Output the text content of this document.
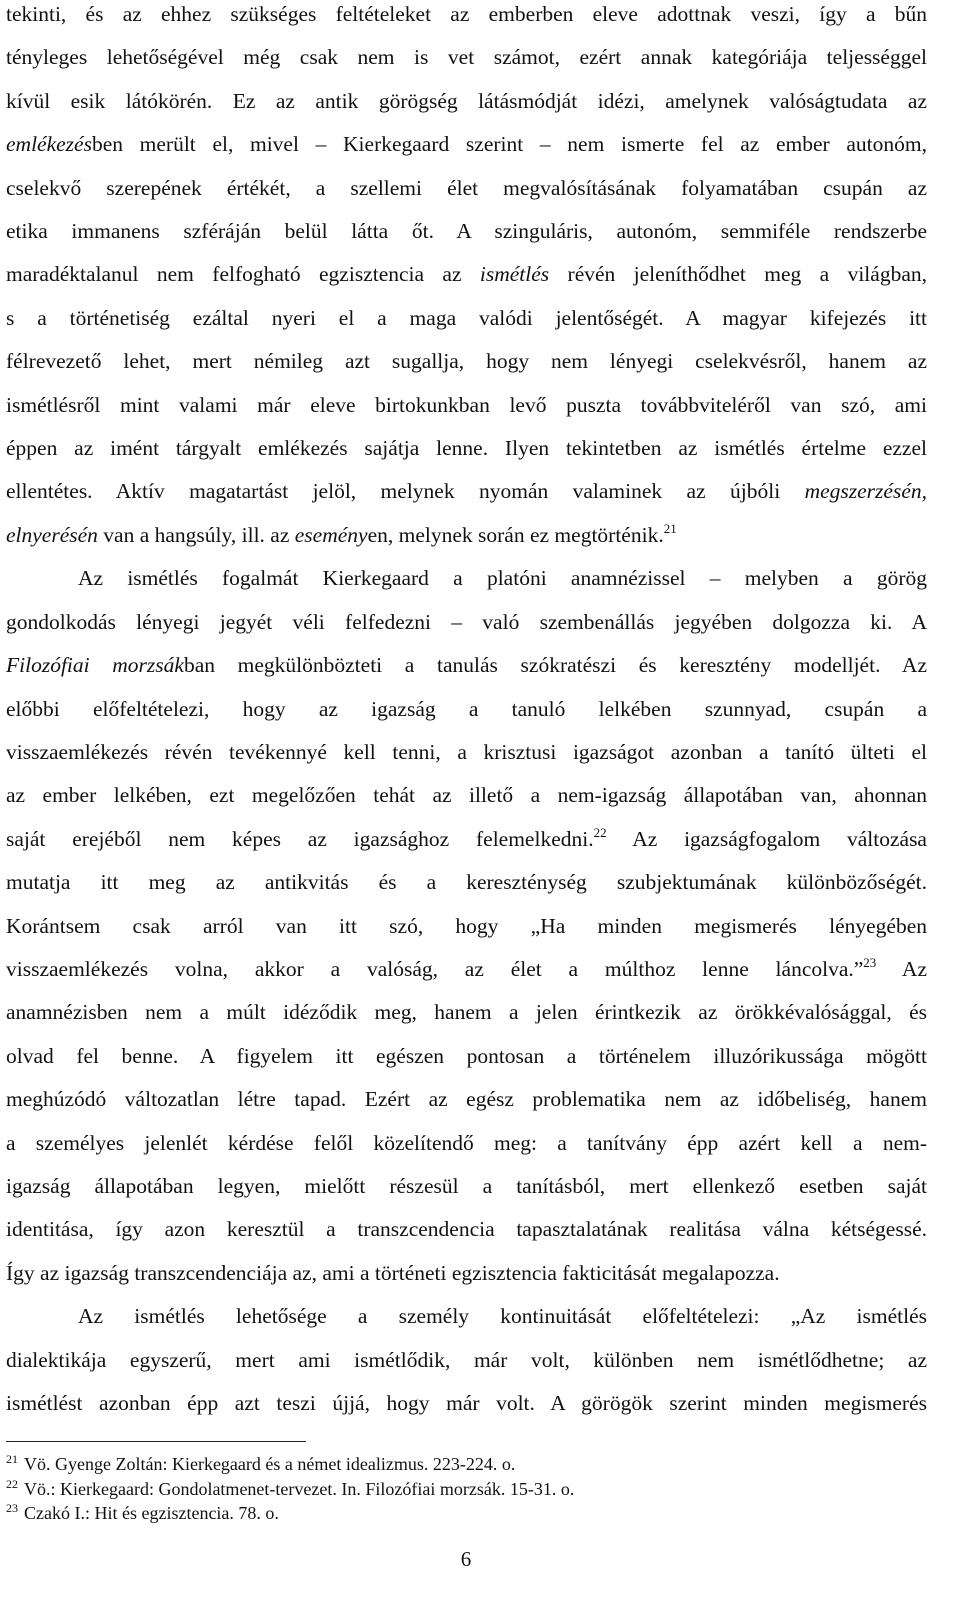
tekinti, és az ehhez szükséges feltételeket az emberben eleve adottnak veszi, így a bűn
tényleges lehetőségével még csak nem is vet számot, ezért annak kategóriája teljességgel
kívül esik látókörén. Ez az antik görögség látásmódját idézi, amelynek valóságtudata az
emlékezésben merült el, mivel – Kierkegaard szerint – nem ismerte fel az ember autonóm,
cselekvő szerepének értékét, a szellemi élet megvalósításának folyamatában csupán az
etika immanens szféráján belül látta őt. A szinguláris, autonóm, semmiféle rendszerbe
maradéktalanul nem felfogható egzisztencia az ismétlés révén jeleníthődhet meg a világban,
s a történetiség ezáltal nyeri el a maga valódi jelentőségét. A magyar kifejezés itt
félrevezető lehet, mert némileg azt sugallja, hogy nem lényegi cselekvésről, hanem az
ismétlésről mint valami már eleve birtokunkban levő puszta továbbviteléről van szó, ami
éppen az imént tárgyalt emlékezés sajátja lenne. Ilyen tekintetben az ismétlés értelme ezzel
ellentétes. Aktív magatartást jelöl, melynek nyomán valaminek az újbóli megszerzésén,
elnyerésén van a hangsúly, ill. az eseményen, melynek során ez megtörténik.$^{21}$
Az ismétlés fogalmát Kierkegaard a platóni anamnézissel – melyben a görög
gondolkodás lényegi jegyét véli felfedezni – való szembenállás jegyében dolgozza ki. A
Filozófiai morzsákban megkülönbözteti a tanulás szókratészi és keresztény modelljét. Az
előbbi előfeltételezi, hogy az igazság a tanuló lelkében szunnyad, csupán a
visszaemlékezés révén tevékennyé kell tenni, a krisztusi igazságot azonban a tanító ülteti el
az ember lelkében, ezt megelőzően tehát az illető a nem-igazság állapotában van, ahonnan
saját erejéből nem képes az igazsághoz felemelkedni.$^{22}$ Az igazságfogalom változása
mutatja itt meg az antikvitás és a kereszténység szubjektumának különbözőségét.
Korántsem csak arról van itt szó, hogy „Ha minden megismerés lényegében
visszaemlékezés volna, akkor a valóság, az élet a múlthoz lenne láncolva.”$^{23}$ Az
anamnézisben nem a múlt idéződik meg, hanem a jelen érintkezik az örökkévalósággal, és
olvad fel benne. A figyelem itt egészen pontosan a történelem illuzórikussága mögött
meghúzódó változatlan létre tapad. Ezért az egész problematika nem az időbeliség, hanem
a személyes jelenlét kérdése felől közelítendő meg: a tanítvány épp azért kell a nem-
igazság állapotában legyen, mielőtt részesül a tanításból, mert ellenkező esetben saját
identitása, így azon keresztül a transzcendencia tapasztalatának realitása válna kétségessé.
Így az igazság transzcendenciája az, ami a történeti egzisztencia fakticitását megalapozza.
Az ismétlés lehetősége a személy kontinuitását előfeltételezi: „Az ismétlés
dialektikája egyszerű, mert ami ismétlődik, már volt, különben nem ismétlődhetne; az
ismétlést azonban épp azt teszi újjá, hogy már volt. A görögök szerint minden megismerés
$^{21}$ Vö. Gyenge Zoltán: Kierkegaard és a német idealizmus. 223-224. o.
$^{22}$ Vö.: Kierkegaard: Gondolatmenet-tervezet. In. Filozófiai morzsák. 15-31. o.
$^{23}$ Czakó I.: Hit és egzisztencia. 78. o.
6
